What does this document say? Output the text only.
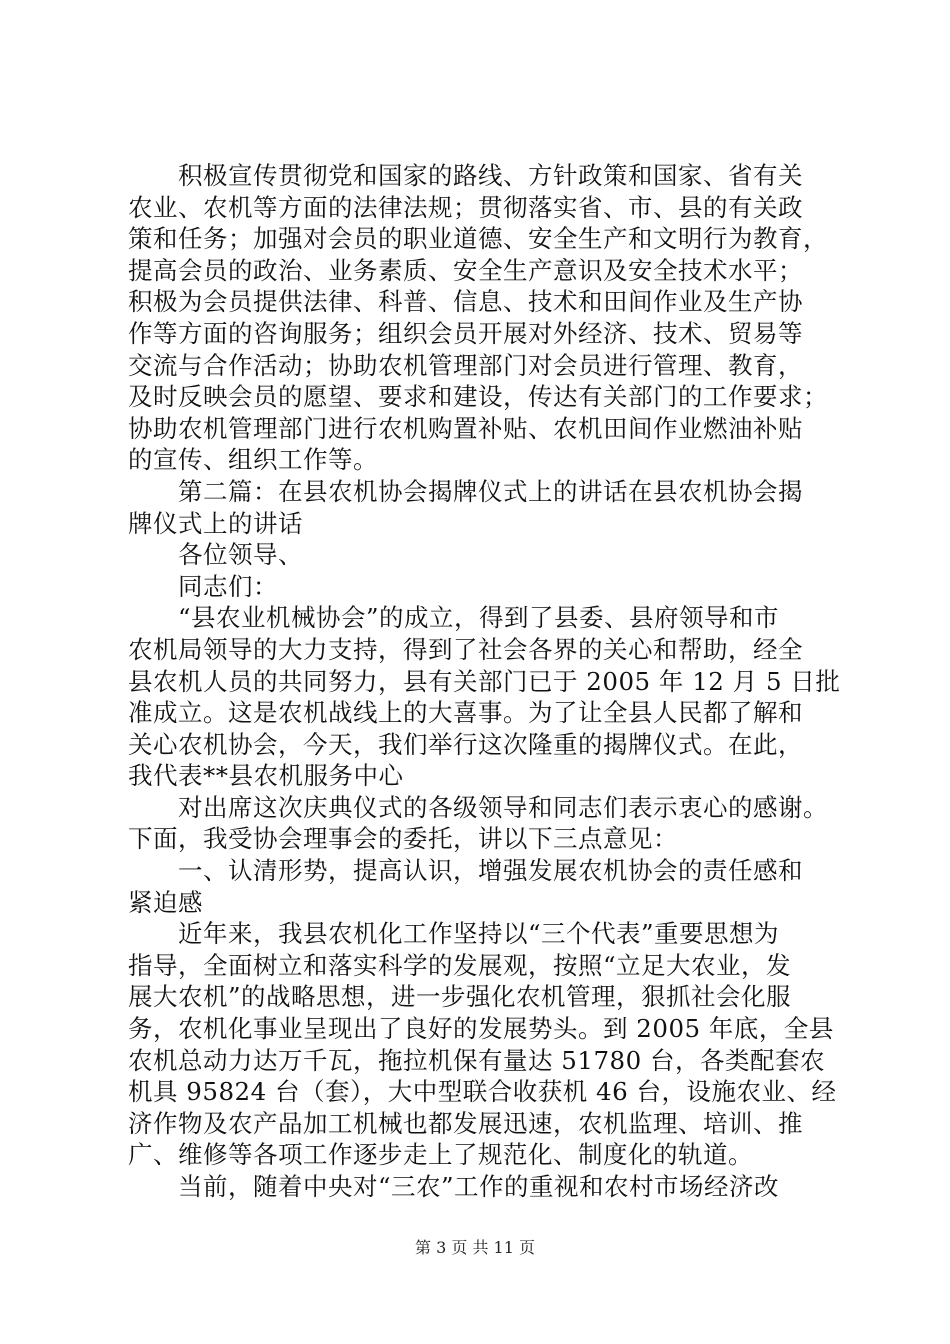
积极宣传贯彻党和国家的路线、方针政策和国家、省有关
农业、农机等方面的法律法规；贯彻落实省、市、县的有关政
策和任务；加强对会员的职业道德、安全生产和文明行为教育，
提高会员的政治、业务素质、安全生产意识及安全技术水平；
积极为会员提供法律、科普、信息、技术和田间作业及生产协
作等方面的咨询服务；组织会员开展对外经济、技术、贸易等
交流与合作活动；协助农机管理部门对会员进行管理、教育，
及时反映会员的愿望、要求和建设，传达有关部门的工作要求；
协助农机管理部门进行农机购置补贴、农机田间作业燃油补贴
的宣传、组织工作等。
第二篇：在县农机协会揭牌仪式上的讲话在县农机协会揭
牌仪式上的讲话
各位领导、
同志们：
“县农业机械协会”的成立，得到了县委、县府领导和市
农机局领导的大力支持，得到了社会各界的关心和帮助，经全
县农机人员的共同努力，县有关部门已于 2005 年 12 月 5 日批
准成立。这是农机战线上的大喜事。为了让全县人民都了解和
关心农机协会，今天，我们举行这次隆重的揭牌仪式。在此，
我代表**县农机服务中心
对出席这次庆典仪式的各级领导和同志们表示衷心的感谢。
下面，我受协会理事会的委托，讲以下三点意见：
一、认清形势，提高认识，增强发展农机协会的责任感和
紧迫感
近年来，我县农机化工作坚持以“三个代表”重要思想为
指导，全面树立和落实科学的发展观，按照“立足大农业，发
展大农机”的战略思想，进一步强化农机管理，狠抓社会化服
务，农机化事业呈现出了良好的发展势头。到 2005 年底，全县
农机总动力达万千瓦，拖拉机保有量达 51780 台，各类配套农
机具 95824 台（套），大中型联合收获机 46 台，设施农业、经
济作物及农产品加工机械也都发展迅速，农机监理、培训、推
广、维修等各项工作逐步走上了规范化、制度化的轨道。
当前，随着中央对“三农”工作的重视和农村市场经济改
第 3 页 共 11 页
